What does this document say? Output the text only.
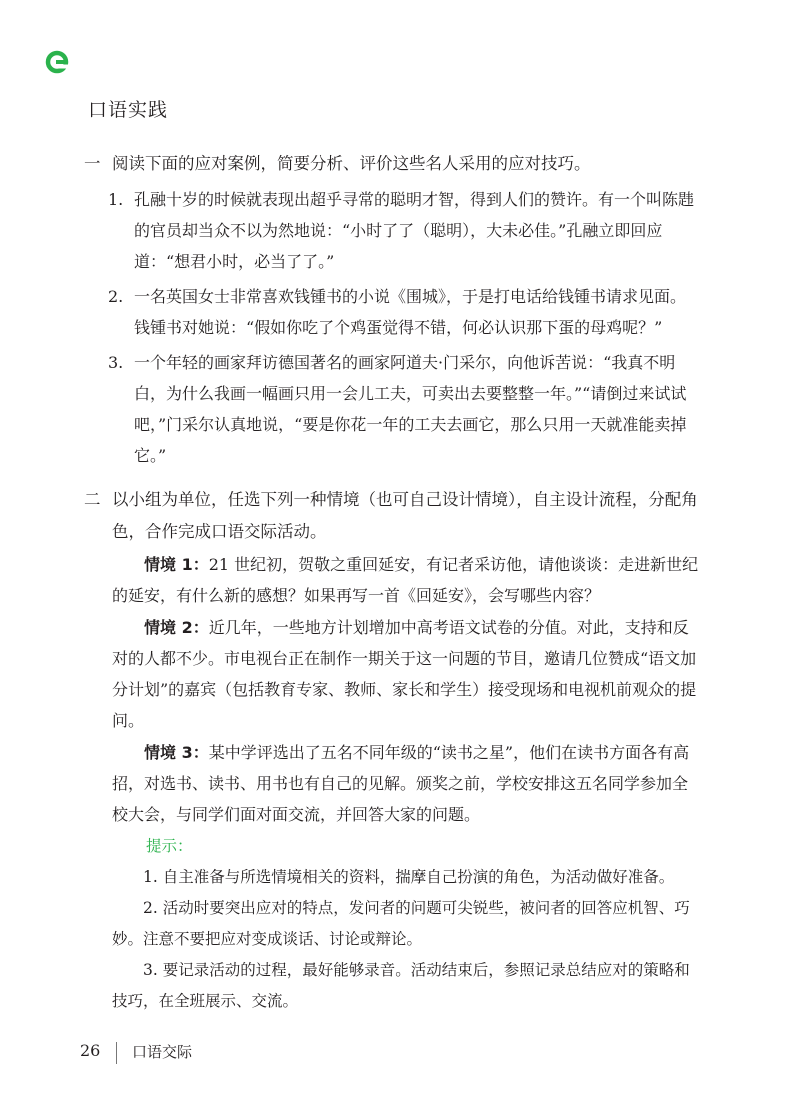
口语实践
一 阅读下面的应对案例，简要分析、评价这些名人采用的应对技巧。
1. 孔融十岁的时候就表现出超乎寻常的聪明才智，得到人们的赞许。有一个叫陈韪的官员却当众不以为然地说：“小时了了（聪明），大未必佳。”孔融立即回应道：“想君小时，必当了了。”
2. 一名英国女士非常喜欢钱锺书的小说《围城》，于是打电话给钱锺书请求见面。钱锺书对她说：“假如你吃了个鸡蛋觉得不错，何必认识那下蛋的母鸡呢？”
3. 一个年轻的画家拜访德国著名的画家阿道夫·门采尔，向他诉苦说：“我真不明白，为什么我画一幅画只用一会儿工夫，可卖出去要整整一年。”“请倒过来试试吧，”门采尔认真地说，“要是你花一年的工夫去画它，那么只用一天就准能卖掉它。”
二 以小组为单位，任选下列一种情境（也可自己设计情境），自主设计流程，分配角色，合作完成口语交际活动。
情境 1：21 世纪初，贺敬之重回延安，有记者采访他，请他谈谈：走进新世纪的延安，有什么新的感想？如果再写一首《回延安》，会写哪些内容？
情境 2：近几年，一些地方计划增加中高考语文试卷的分值。对此，支持和反对的人都不少。市电视台正在制作一期关于这一问题的节目，邀请几位赞成“语文加分计划”的嘉宾（包括教育专家、教师、家长和学生）接受现场和电视机前观众的提问。
情境 3：某中学评选出了五名不同年级的“读书之星”，他们在读书方面各有高招，对选书、读书、用书也有自己的见解。颁奖之前，学校安排这五名同学参加全校大会，与同学们面对面交流，并回答大家的问题。
提示：
1. 自主准备与所选情境相关的资料，揣摩自己扮演的角色，为活动做好准备。
2. 活动时要突出应对的特点，发问者的问题可尖锐些，被问者的回答应机智、巧妙。注意不要把应对变成谈话、讨论或辩论。
3. 要记录活动的过程，最好能够录音。活动结束后，参照记录总结应对的策略和技巧，在全班展示、交流。
26 口语交际
